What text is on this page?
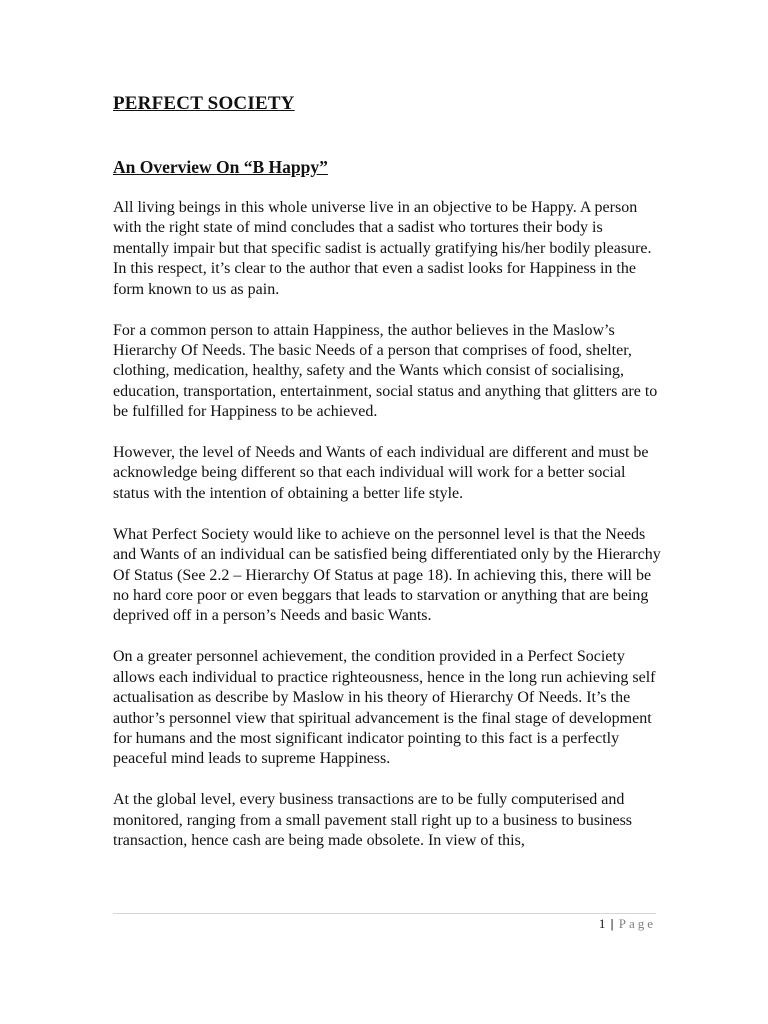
PERFECT SOCIETY
An Overview On “B Happy”

All living beings in this whole universe live in an objective to be Happy. A person with the right state of mind concludes that a sadist who tortures their body is mentally impair but that specific sadist is actually gratifying his/her bodily pleasure. In this respect, it’s clear to the author that even a sadist looks for Happiness in the form known to us as pain.

For a common person to attain Happiness, the author believes in the Maslow’s Hierarchy Of Needs. The basic Needs of a person that comprises of food, shelter, clothing, medication, healthy, safety and the Wants which consist of socialising, education, transportation, entertainment, social status and anything that glitters are to be fulfilled for Happiness to be achieved.

However, the level of Needs and Wants of each individual are different and must be acknowledge being different so that each individual will work for a better social status with the intention of obtaining a better life style.

What Perfect Society would like to achieve on the personnel level is that the Needs and Wants of an individual can be satisfied being differentiated only by the Hierarchy Of Status (See 2.2 – Hierarchy Of Status at page 18). In achieving this, there will be no hard core poor or even beggars that leads to starvation or anything that are being deprived off in a person’s Needs and basic Wants.

On a greater personnel achievement, the condition provided in a Perfect Society allows each individual to practice righteousness, hence in the long run achieving self actualisation as describe by Maslow in his theory of Hierarchy Of Needs. It’s the author’s personnel view that spiritual advancement is the final stage of development for humans and the most significant indicator pointing to this fact is a perfectly peaceful mind leads to supreme Happiness.

At the global level, every business transactions are to be fully computerised and monitored, ranging from a small pavement stall right up to a business to business transaction, hence cash are being made obsolete. In view of this,

1 | Page
